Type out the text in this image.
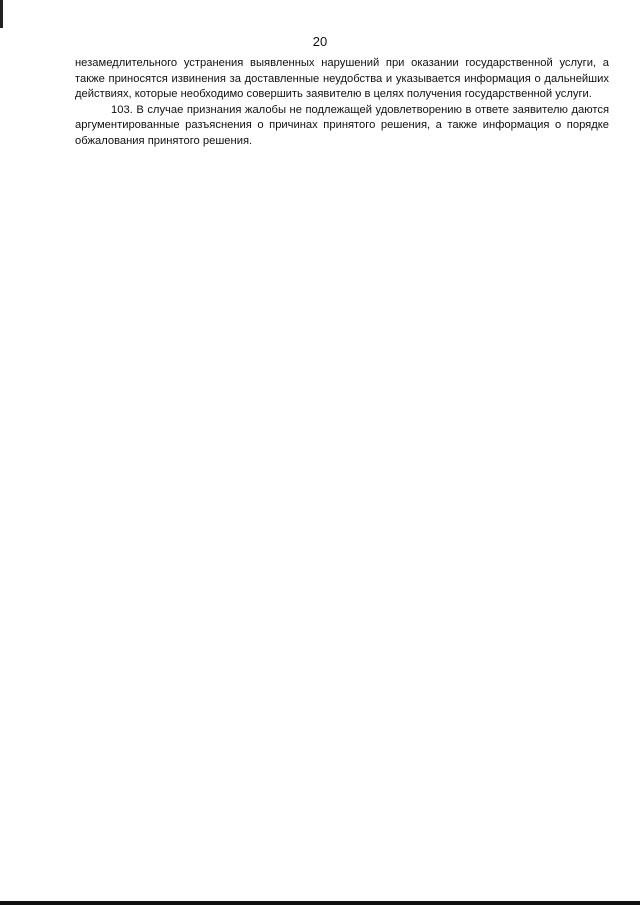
20

незамедлительного устранения выявленных нарушений при оказании государственной услуги, а также приносятся извинения за доставленные неудобства и указывается информация о дальнейших действиях, которые необходимо совершить заявителю в целях получения государственной услуги.

103. В случае признания жалобы не подлежащей удовлетворению в ответе заявителю даются аргументированные разъяснения о причинах принятого решения, а также информация о порядке обжалования принятого решения.
